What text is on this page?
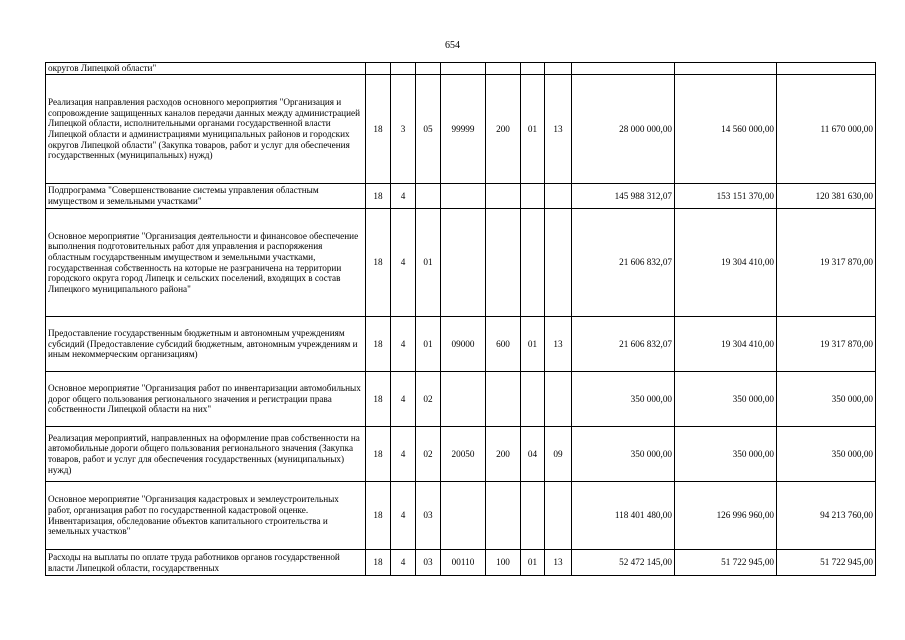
654
округов Липецкой области"										
Реализация направления расходов основного мероприятия "Организация и сопровождение защищенных каналов передачи данных между администрацией Липецкой области, исполнительными органами государственной власти Липецкой области и администрациями муниципальных районов и городских округов Липецкой области" (Закупка товаров, работ и услуг для обеспечения государственных (муниципальных) нужд)	18	3	05	99999	200	01	13	28 000 000,00	14 560 000,00	11 670 000,00
Подпрограмма "Совершенствование системы управления областным имуществом и земельными участками"	18	4						145 988 312,07	153 151 370,00	120 381 630,00
Основное мероприятие "Организация деятельности и финансовое обеспечение выполнения подготовительных работ для управления и распоряжения областным государственным имуществом и земельными участками, государственная собственность на которые не разграничена на территории городского округа город Липецк и сельских поселений, входящих в состав Липецкого муниципального района"	18	4	01					21 606 832,07	19 304 410,00	19 317 870,00
Предоставление государственным бюджетным и автономным учреждениям субсидий (Предоставление субсидий бюджетным, автономным учреждениям и иным некоммерческим организациям)	18	4	01	09000	600	01	13	21 606 832,07	19 304 410,00	19 317 870,00
Основное мероприятие "Организация работ по инвентаризации автомобильных дорог общего пользования регионального значения и регистрации права собственности Липецкой области на них"	18	4	02					350 000,00	350 000,00	350 000,00
Реализация мероприятий, направленных на оформление прав собственности на автомобильные дороги общего пользования регионального значения (Закупка товаров, работ и услуг для обеспечения государственных (муниципальных) нужд)	18	4	02	20050	200	04	09	350 000,00	350 000,00	350 000,00
Основное мероприятие "Организация кадастровых и землеустроительных работ, организация работ по государственной кадастровой оценке. Инвентаризация, обследование объектов капитального строительства и земельных участков"	18	4	03					118 401 480,00	126 996 960,00	94 213 760,00
Расходы на выплаты по оплате труда работников органов государственной власти Липецкой области, государственных	18	4	03	00110	100	01	13	52 472 145,00	51 722 945,00	51 722 945,00
